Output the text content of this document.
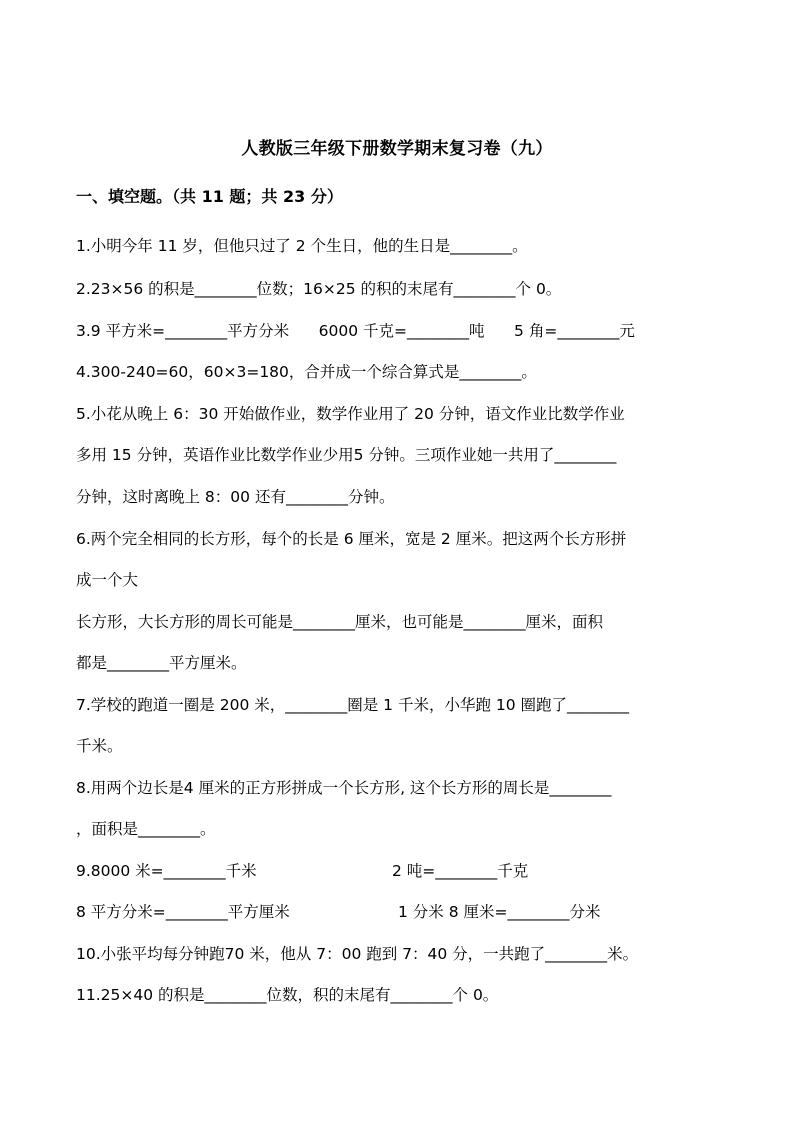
人教版三年级下册数学期末复习卷（九）
一、填空题。（共 11 题；共 23 分）
1.小明今年 11 岁，但他只过了 2 个生日，他的生日是________。
2.23×56 的积是________位数；16×25 的积的末尾有________个 0。
3.9 平方米=________平方分米      6000 千克=________吨      5 角=________元
4.300-240=60，60×3=180，合并成一个综合算式是________。
5.小花从晚上 6：30 开始做作业，数学作业用了 20 分钟，语文作业比数学作业
多用 15 分钟，英语作业比数学作业少用5 分钟。三项作业她一共用了________
分钟，这时离晚上 8：00 还有________分钟。
6.两个完全相同的长方形，每个的长是 6 厘米，宽是 2 厘米。把这两个长方形拼
成一个大
长方形，大长方形的周长可能是________厘米，也可能是________厘米，面积
都是________平方厘米。
7.学校的跑道一圈是 200 米，________圈是 1 千米，小华跑 10 圈跑了________
千米。
8.用两个边长是4 厘米的正方形拼成一个长方形, 这个长方形的周长是________
，面积是________。
9.8000 米=________千米	2 吨=________千克
8 平方分米=________平方厘米	1 分米 8 厘米=________分米
10.小张平均每分钟跑70 米，他从 7：00 跑到 7：40 分，一共跑了________米。
11.25×40 的积是________位数，积的末尾有________个 0。
